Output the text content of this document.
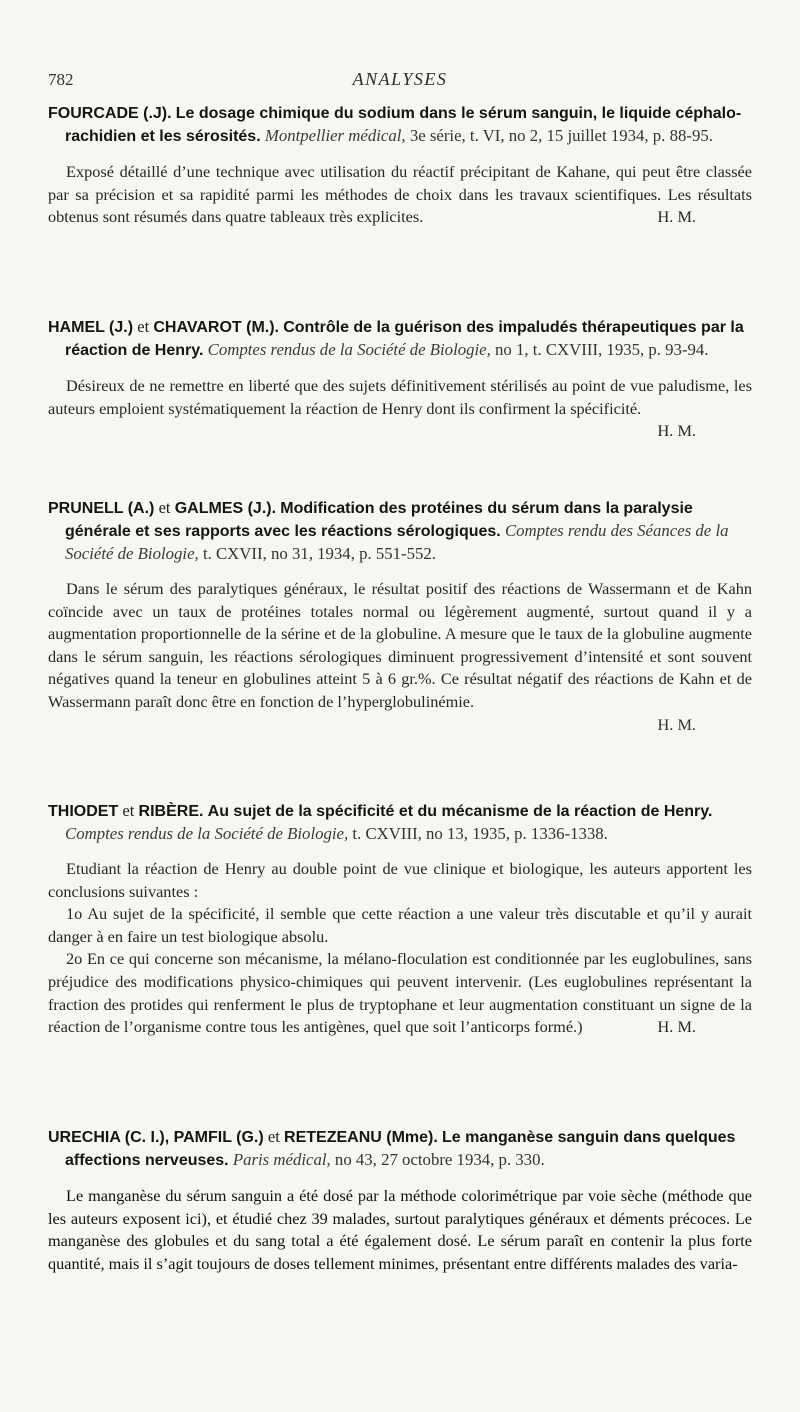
782	ANALYSES

FOURCADE (.J). Le dosage chimique du sodium dans le sérum sanguin, le liquide céphalo-rachidien et les sérosités. Montpellier médical, 3e série, t. VI, no 2, 15 juillet 1934, p. 88-95.

Exposé détaillé d’une technique avec utilisation du réactif précipitant de Kahane, qui peut être classée par sa précision et sa rapidité parmi les méthodes de choix dans les travaux scientifiques. Les résultats obtenus sont résumés dans quatre tableaux très explicites.	H. M.

HAMEL (J.) et CHAVAROT (M.). Contrôle de la guérison des impaludés thérapeutiques par la réaction de Henry. Comptes rendus de la Société de Biologie, no 1, t. CXVIII, 1935, p. 93-94.

Désireux de ne remettre en liberté que des sujets définitivement stérilisés au point de vue paludisme, les auteurs emploient systématiquement la réaction de Henry dont ils confirment la spécificité.
H. M.

PRUNELL (A.) et GALMES (J.). Modification des protéines du sérum dans la paralysie générale et ses rapports avec les réactions sérologiques. Comptes rendu des Séances de la Société de Biologie, t. CXVII, no 31, 1934, p. 551-552.

Dans le sérum des paralytiques généraux, le résultat positif des réactions de Wassermann et de Kahn coïncide avec un taux de protéines totales normal ou légèrement augmenté, surtout quand il y a augmentation proportionnelle de la sérine et de la globuline. A mesure que le taux de la globuline augmente dans le sérum sanguin, les réactions sérologiques diminuent progressivement d’intensité et sont souvent négatives quand la teneur en globulines atteint 5 à 6 gr.%. Ce résultat négatif des réactions de Kahn et de Wassermann paraît donc être en fonction de l’hyperglobulinémie.

H. M.

THIODET et RIBÈRE. Au sujet de la spécificité et du mécanisme de la réaction de Henry. Comptes rendus de la Société de Biologie, t. CXVIII, no 13, 1935, p. 1336-1338.

Etudiant la réaction de Henry au double point de vue clinique et biologique, les auteurs apportent les conclusions suivantes :

1o Au sujet de la spécificité, il semble que cette réaction a une valeur très discutable et qu’il y aurait danger à en faire un test biologique absolu.

2o En ce qui concerne son mécanisme, la mélano-floculation est conditionnée par les euglobulines, sans préjudice des modifications physico-chimiques qui peuvent intervenir. (Les euglobulines représentant la fraction des protides qui renferment le plus de tryptophane et leur augmentation constituant un signe de la réaction de l’organisme contre tous les antigènes, quel que soit l’anticorps formé.)	H. M.

URECHIA (C. I.), PAMFIL (G.) et RETEZEANU (Mme). Le manganèse sanguin dans quelques affections nerveuses. Paris médical, no 43, 27 octobre 1934, p. 330.

Le manganèse du sérum sanguin a été dosé par la méthode colorimétrique par voie sèche (méthode que les auteurs exposent ici), et étudié chez 39 malades, surtout paralytiques généraux et déments précoces. Le manganèse des globules et du sang total a été également dosé. Le sérum paraît en contenir la plus forte quantité, mais il s’agit toujours de doses tellement minimes, présentant entre différents malades des varia-
